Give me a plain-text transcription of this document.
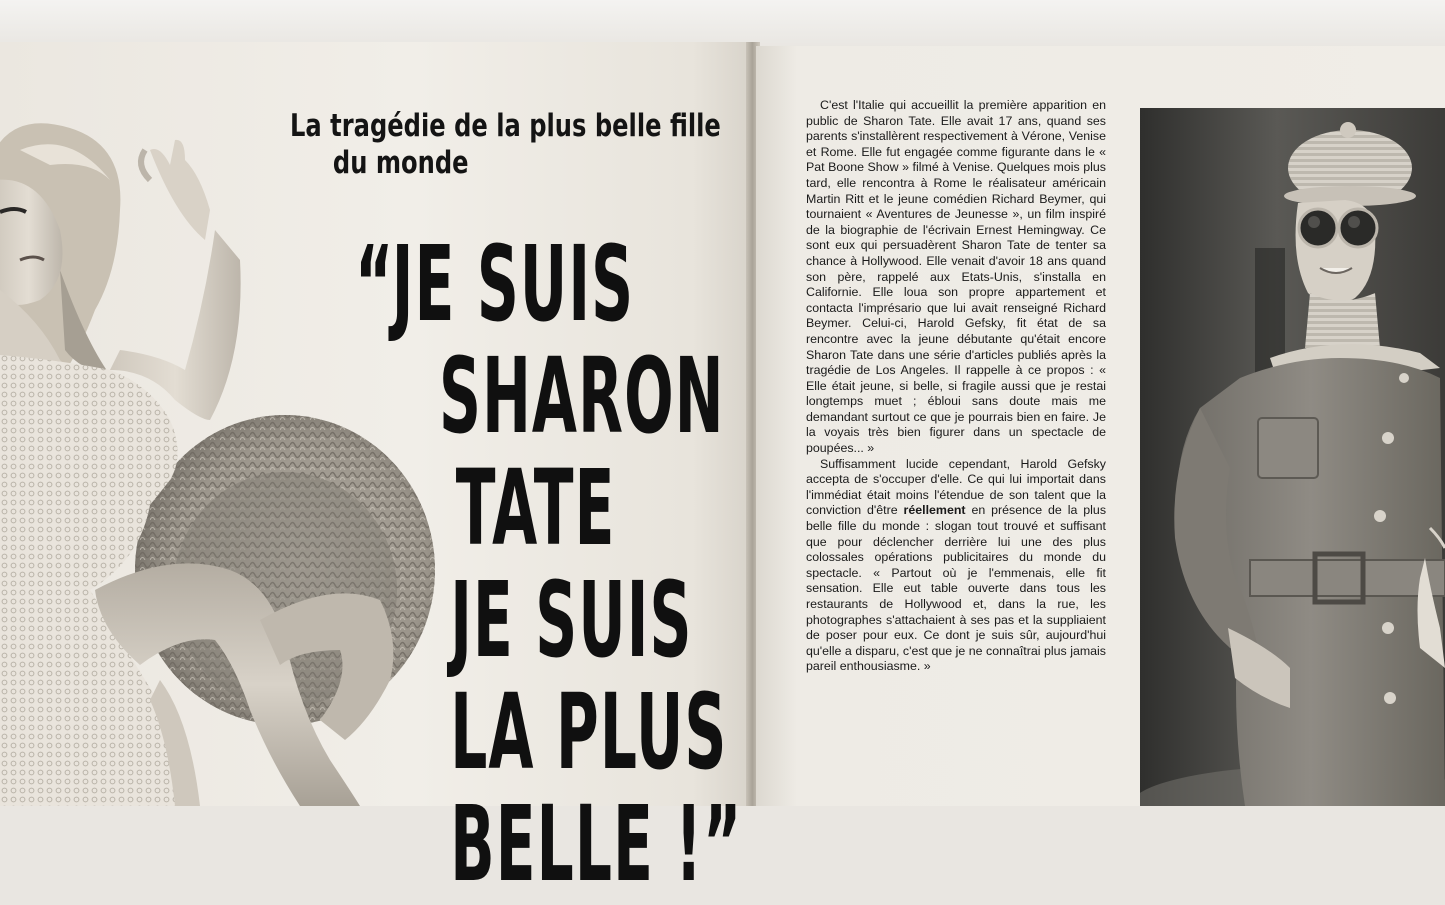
La tragédie de la plus belle fille
du monde
“JE SUIS
SHARON
TATE
JE SUIS
LA PLUS
BELLE !”

C'est l'Italie qui accueillit la première apparition en public de Sharon Tate. Elle avait 17 ans, quand ses parents s'installèrent respectivement à Vérone, Venise et Rome. Elle fut engagée comme figurante dans le « Pat Boone Show » filmé à Venise. Quelques mois plus tard, elle rencontra à Rome le réalisateur américain Martin Ritt et le jeune comédien Richard Beymer, qui tournaient « Aventures de Jeunesse », un film inspiré de la biographie de l'écrivain Ernest Hemingway. Ce sont eux qui persuadèrent Sharon Tate de tenter sa chance à Hollywood. Elle venait d'avoir 18 ans quand son père, rappelé aux Etats-Unis, s'installa en Californie. Elle loua son propre appartement et contacta l'imprésario que lui avait renseigné Richard Beymer. Celui-ci, Harold Gefsky, fit état de sa rencontre avec la jeune débutante qu'était encore Sharon Tate dans une série d'articles publiés après la tragédie de Los Angeles. Il rappelle à ce propos : « Elle était jeune, si belle, si fragile aussi que je restai longtemps muet ; ébloui sans doute mais me demandant surtout ce que je pourrais bien en faire. Je la voyais très bien figurer dans un spectacle de poupées... »

Suffisamment lucide cependant, Harold Gefsky accepta de s'occuper d'elle. Ce qui lui importait dans l'immédiat était moins l'étendue de son talent que la conviction d'être réellement en présence de la plus belle fille du monde : slogan tout trouvé et suffisant que pour déclencher derrière lui une des plus colossales opérations publicitaires du monde du spectacle. « Partout où je l'emmenais, elle fit sensation. Elle eut table ouverte dans tous les restaurants de Hollywood et, dans la rue, les photographes s'attachaient à ses pas et la suppliaient de poser pour eux. Ce dont je suis sûr, aujourd'hui qu'elle a disparu, c'est que je ne connaîtrai plus jamais pareil enthousiasme. »
